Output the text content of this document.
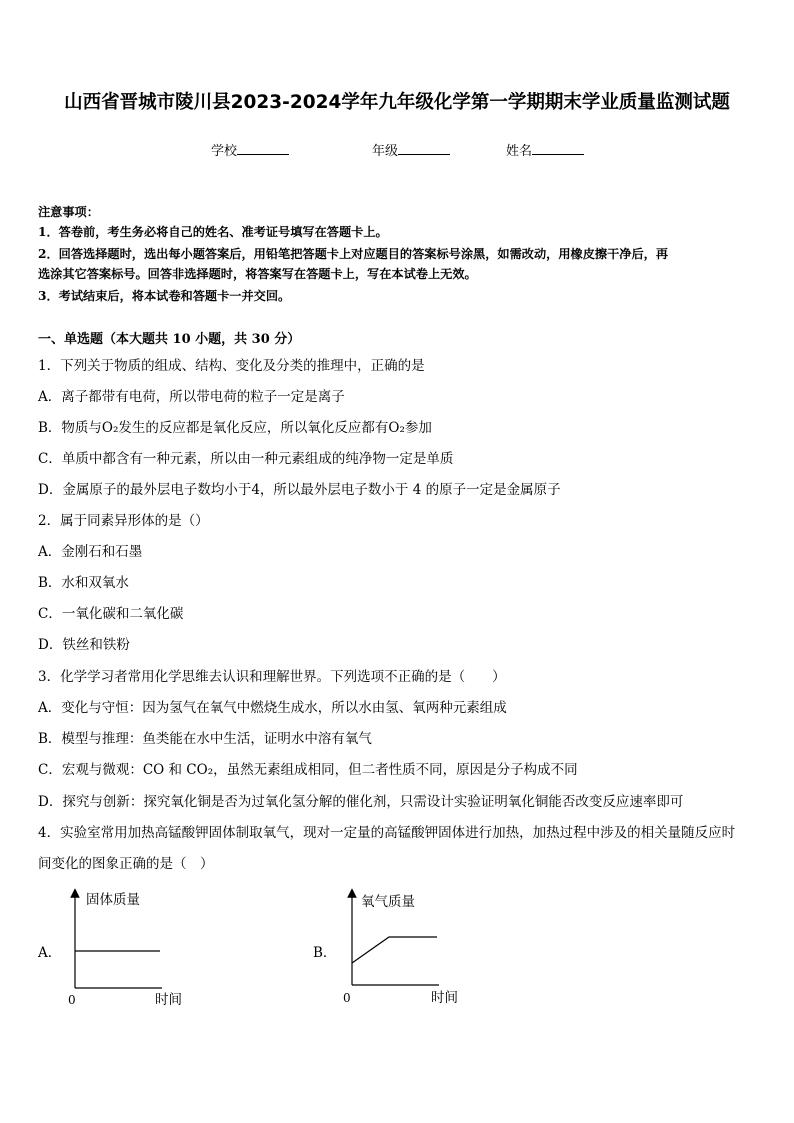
山西省晋城市陵川县2023-2024学年九年级化学第一学期期末学业质量监测试题
学校	年级	姓名
注意事项：
1．答卷前，考生务必将自己的姓名、准考证号填写在答题卡上。
2．回答选择题时，选出每小题答案后，用铅笔把答题卡上对应题目的答案标号涂黑，如需改动，用橡皮擦干净后，再
选涂其它答案标号。回答非选择题时，将答案写在答题卡上，写在本试卷上无效。
3．考试结束后，将本试卷和答题卡一并交回。
一、单选题（本大题共 10 小题，共 30 分）
1．下列关于物质的组成、结构、变化及分类的推理中，正确的是
A．离子都带有电荷，所以带电荷的粒子一定是离子
B．物质与O₂发生的反应都是氧化反应，所以氧化反应都有O₂参加
C．单质中都含有一种元素，所以由一种元素组成的纯净物一定是单质
D．金属原子的最外层电子数均小于4，所以最外层电子数小于 4 的原子一定是金属原子
2．属于同素异形体的是（）
A．金刚石和石墨
B．水和双氧水
C．一氧化碳和二氧化碳
D．铁丝和铁粉
3．化学学习者常用化学思维去认识和理解世界。下列选项不正确的是（　　）
A．变化与守恒：因为氢气在氧气中燃烧生成水，所以水由氢、氧两种元素组成
B．模型与推理：鱼类能在水中生活，证明水中溶有氧气
C．宏观与微观：CO 和 CO₂，虽然无素组成相同，但二者性质不同，原因是分子构成不同
D．探究与创新：探究氧化铜是否为过氧化氢分解的催化剂，只需设计实验证明氧化铜能否改变反应速率即可
4．实验室常用加热高锰酸钾固体制取氧气，现对一定量的高锰酸钾固体进行加热，加热过程中涉及的相关量随反应时
间变化的图象正确的是（　）
A．
固体质量
0	时间
B．
氧气质量
0	时间
